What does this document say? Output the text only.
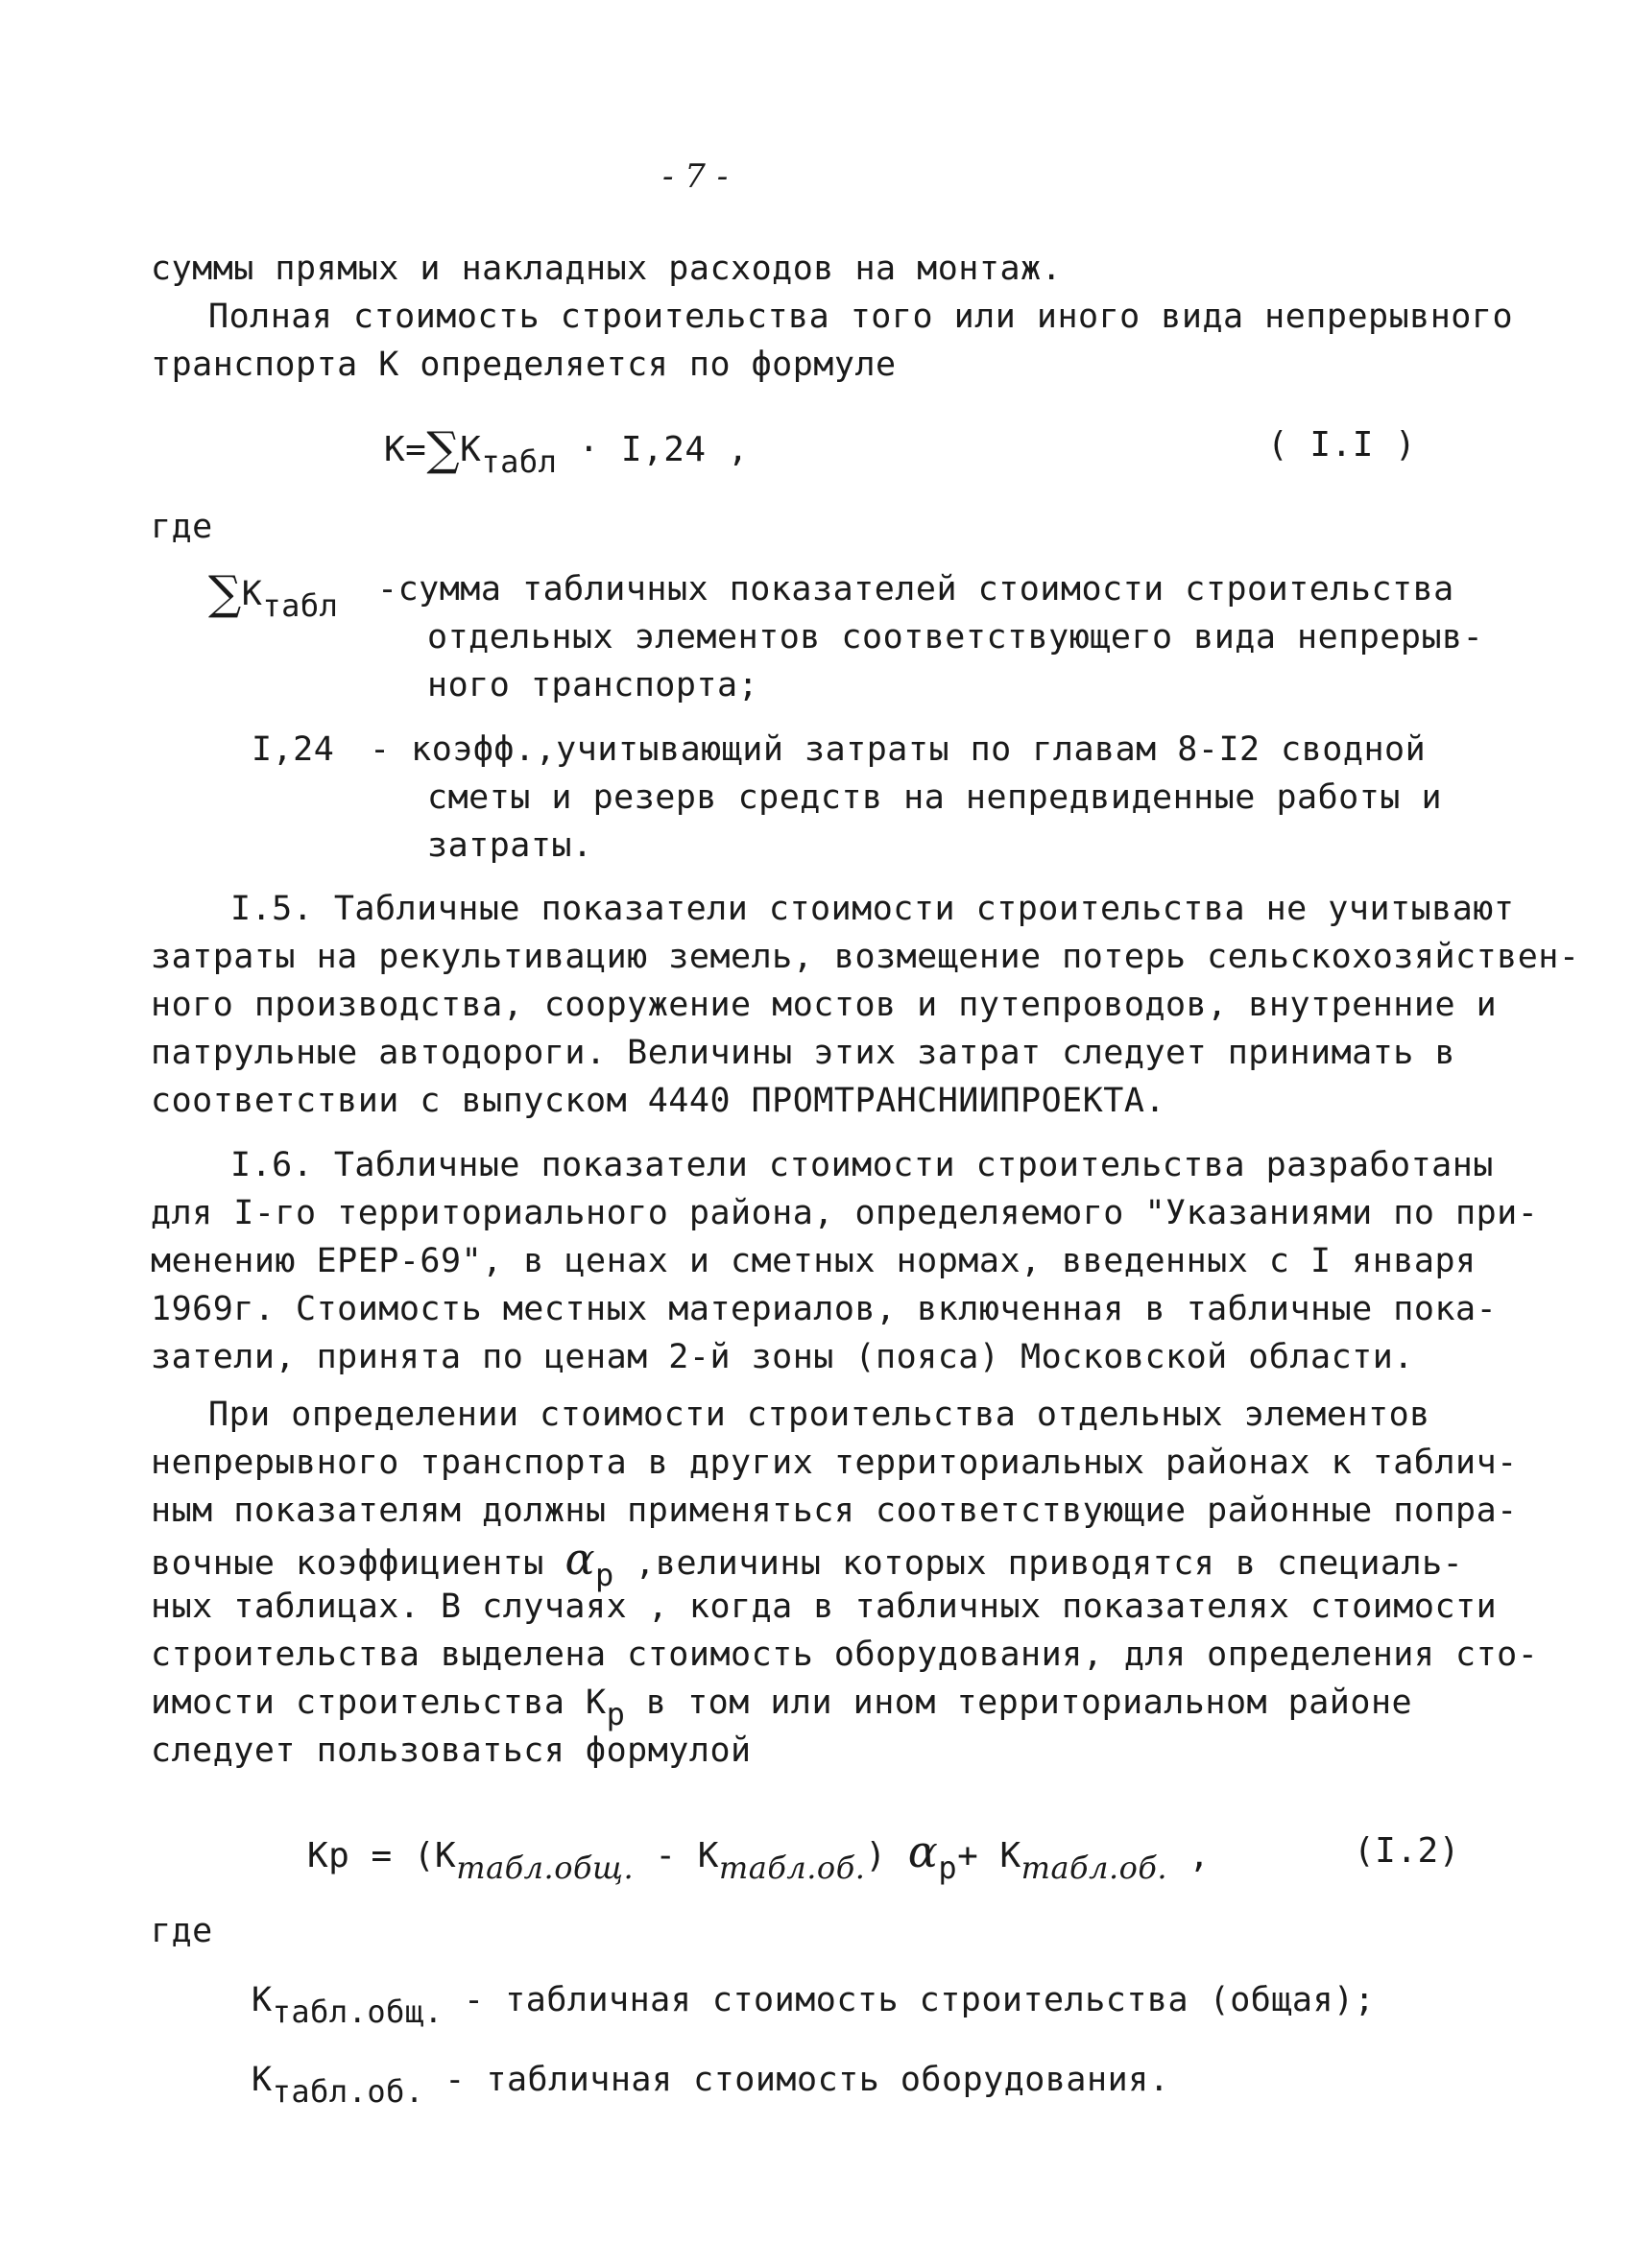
- 7 -
суммы прямых и накладных расходов на монтаж.
Полная стоимость строительства того или иного вида непрерывного
транспорта К определяется по формуле
К=∑Ктабл · I,24 ,	( I.I )
где
∑Ктабл -сумма табличных показателей стоимости строительства
отдельных элементов соответствующего вида непрерыв-
ного транспорта;
I,24 - коэфф.,учитывающий затраты по главам 8-I2 сводной
сметы и резерв средств на непредвиденные работы и
затраты.
I.5. Табличные показатели стоимости строительства не учитывают
затраты на рекультивацию земель, возмещение потерь сельскохозяйствен-
ного производства, сооружение мостов и путепроводов, внутренние и
патрульные автодороги. Величины этих затрат следует принимать в
соответствии с выпуском 4440 ПРОМТРАНСНИИПРОЕКТА.
I.6. Табличные показатели стоимости строительства разработаны
для I-го территориального района, определяемого "Указаниями по при-
менению ЕРЕР-69", в ценах и сметных нормах, введенных с I января
1969г. Стоимость местных материалов, включенная в табличные пока-
затели, принята по ценам 2-й зоны (пояса) Московской области.
При определении стоимости строительства отдельных элементов
непрерывного транспорта в других территориальных районах к таблич-
ным показателям должны применяться соответствующие районные попра-
вочные коэффициенты αр ,величины которых приводятся в специаль-
ных таблицах. В случаях , когда в табличных показателях стоимости
строительства выделена стоимость оборудования, для определения сто-
имости строительства Кр в том или ином территориальном районе
следует пользоваться формулой
Кр = (Ктабл.общ. - Ктабл.об.) αр+ Ктабл.об. ,	(I.2)
где
Ктабл.общ. - табличная стоимость строительства (общая);
Ктабл.об. - табличная стоимость оборудования.
